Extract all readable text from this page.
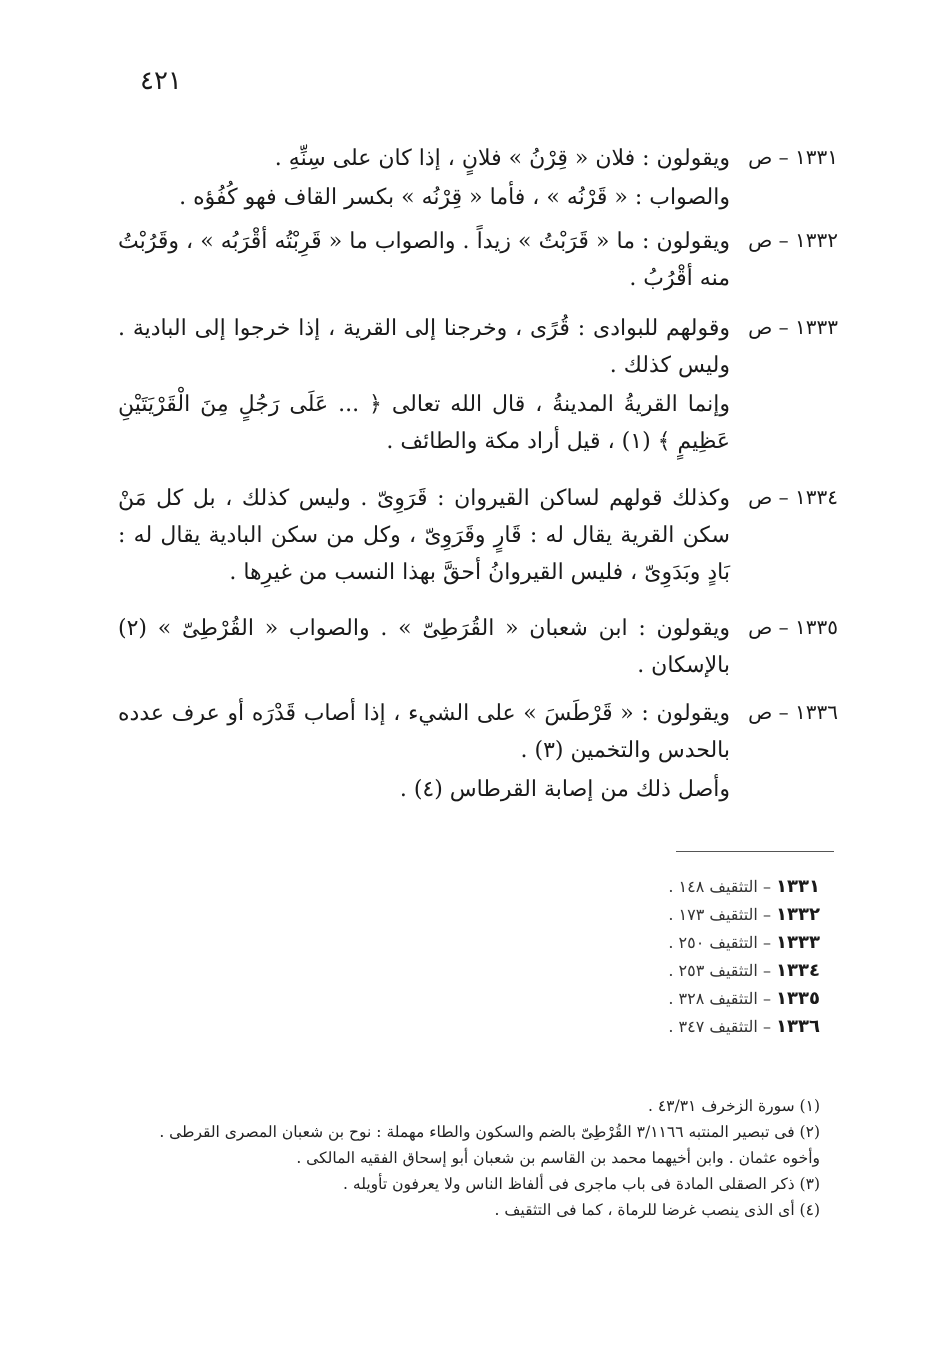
٤٢١
١٣٣١ – ص

ويقولون : فلان « قِرْنُ » فلانٍ ، إذا كان على سِنِّهِ .

والصواب : « قَرْنُه » ، فأما « قِرْنُه » بكسر القاف فهو كُفُؤه .

١٣٣٢ – ص

ويقولون : ما « قَرَبْتُ » زيداً . والصواب ما « قَرِبْتُه أقْرَبُه » ، وقَرُبْتُ منه أقْرُبُ .

١٣٣٣ – ص

وقولهم للبوادى : قُرًى ، وخرجنا إلى القرية ، إذا خرجوا إلى البادية . وليس كذلك .

وإنما القريةُ المدينةُ ، قال الله تعالى ﴿ ... عَلَى رَجُلٍ مِنَ الْقَرْيَتَيْنِ عَظِيمٍ ﴾ (١) ، قيل أراد مكة والطائف .

١٣٣٤ – ص

وكذلك قولهم لساكن القيروان : قَرَوِىّ . وليس كذلك ، بل كل مَنْ سكن القرية يقال له : قَارٍ وقَرَوِىّ ، وكل من سكن البادية يقال له : بَادٍ وبَدَوِىّ ، فليس القيروانُ أحقَّ بهذا النسب من غيرِها .

١٣٣٥ – ص

ويقولون : ابن شعبان « القُرَطِىّ » . والصواب « القُرْطِىّ » (٢) بالإسكان .

١٣٣٦ – ص

ويقولون : « قَرْطَسَ » على الشيء ، إذا أصاب قَدْرَه أو عرف عدده بالحدس والتخمين (٣) .

وأصل ذلك من إصابة القرطاس (٤) .

١٣٣١ – التثقيف ١٤٨ .
١٣٣٢ – التثقيف ١٧٣ .
١٣٣٣ – التثقيف ٢٥٠ .
١٣٣٤ – التثقيف ٢٥٣ .
١٣٣٥ – التثقيف ٣٢٨ .
١٣٣٦ – التثقيف ٣٤٧ .

(١) سورة الزخرف ٤٣/٣١ .

(٢) فى تبصير المنتبه ٣/١١٦٦ القُرْطِىّ بالضم والسكون والطاء مهملة : نوح بن شعبان المصرى القرطى . وأخوه عثمان . وابن أخيهما محمد بن القاسم بن شعبان أبو إسحاق الفقيه المالكى .

(٣) ذكر الصقلى المادة فى باب ماجرى فى ألفاظ الناس ولا يعرفون تأويله .

(٤) أى الذى ينصب غرضا للرماة ، كما فى التثقيف .
